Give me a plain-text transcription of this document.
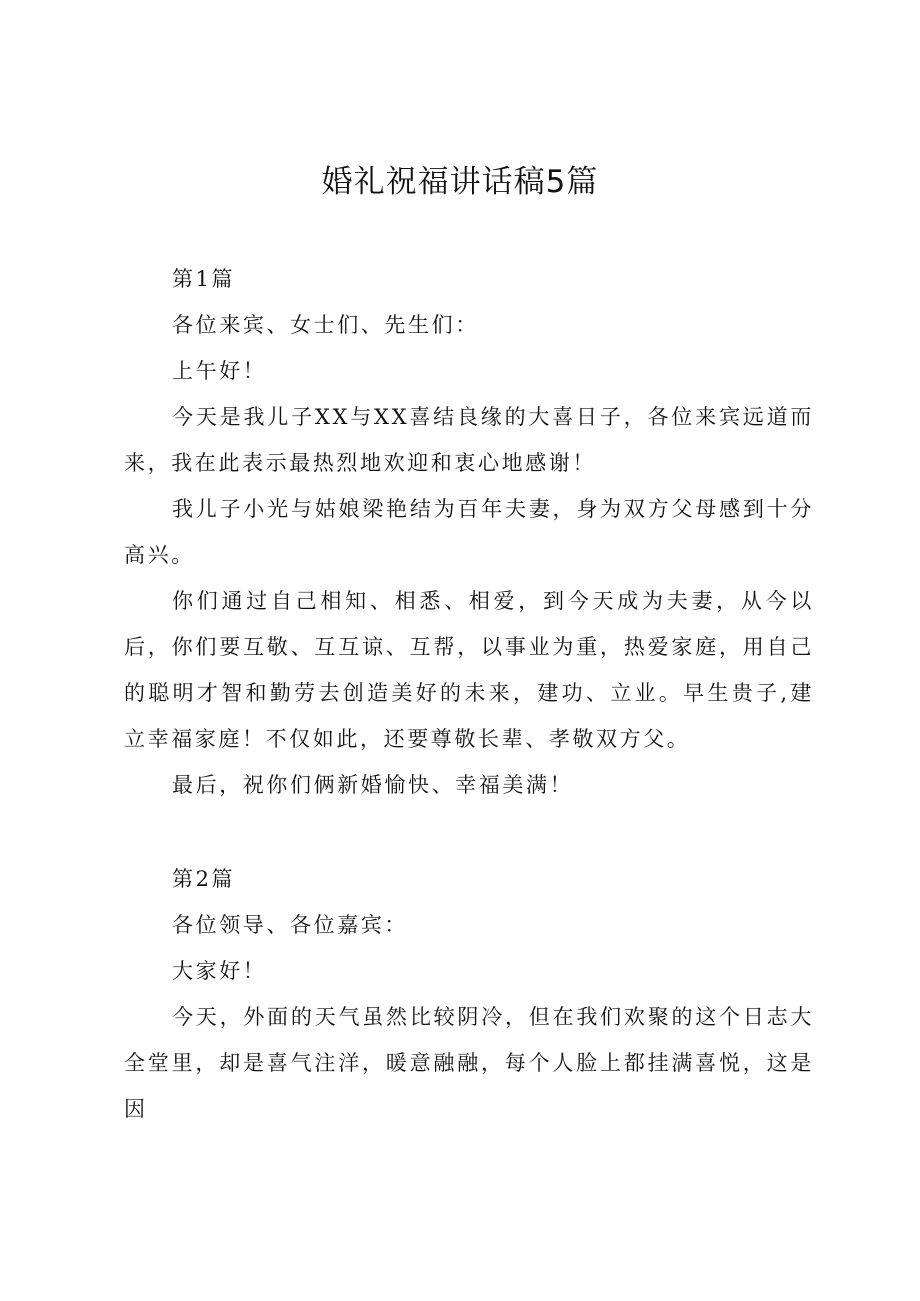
婚礼祝福讲话稿5篇

第1篇

各位来宾、女士们、先生们：

上午好！

今天是我儿子XX与XX喜结良缘的大喜日子，各位来宾远道而来，我在此表示最热烈地欢迎和衷心地感谢！

我儿子小光与姑娘梁艳结为百年夫妻，身为双方父母感到十分高兴。

你们通过自己相知、相悉、相爱，到今天成为夫妻，从今以后，你们要互敬、互互谅、互帮，以事业为重，热爱家庭，用自己的聪明才智和勤劳去创造美好的未来，建功、立业。早生贵子,建立幸福家庭！不仅如此，还要尊敬长辈、孝敬双方父。

最后，祝你们俩新婚愉快、幸福美满！

第2篇

各位领导、各位嘉宾：

大家好！

今天，外面的天气虽然比较阴冷，但在我们欢聚的这个日志大全堂里，却是喜气注洋，暖意融融，每个人脸上都挂满喜悦，这是因
